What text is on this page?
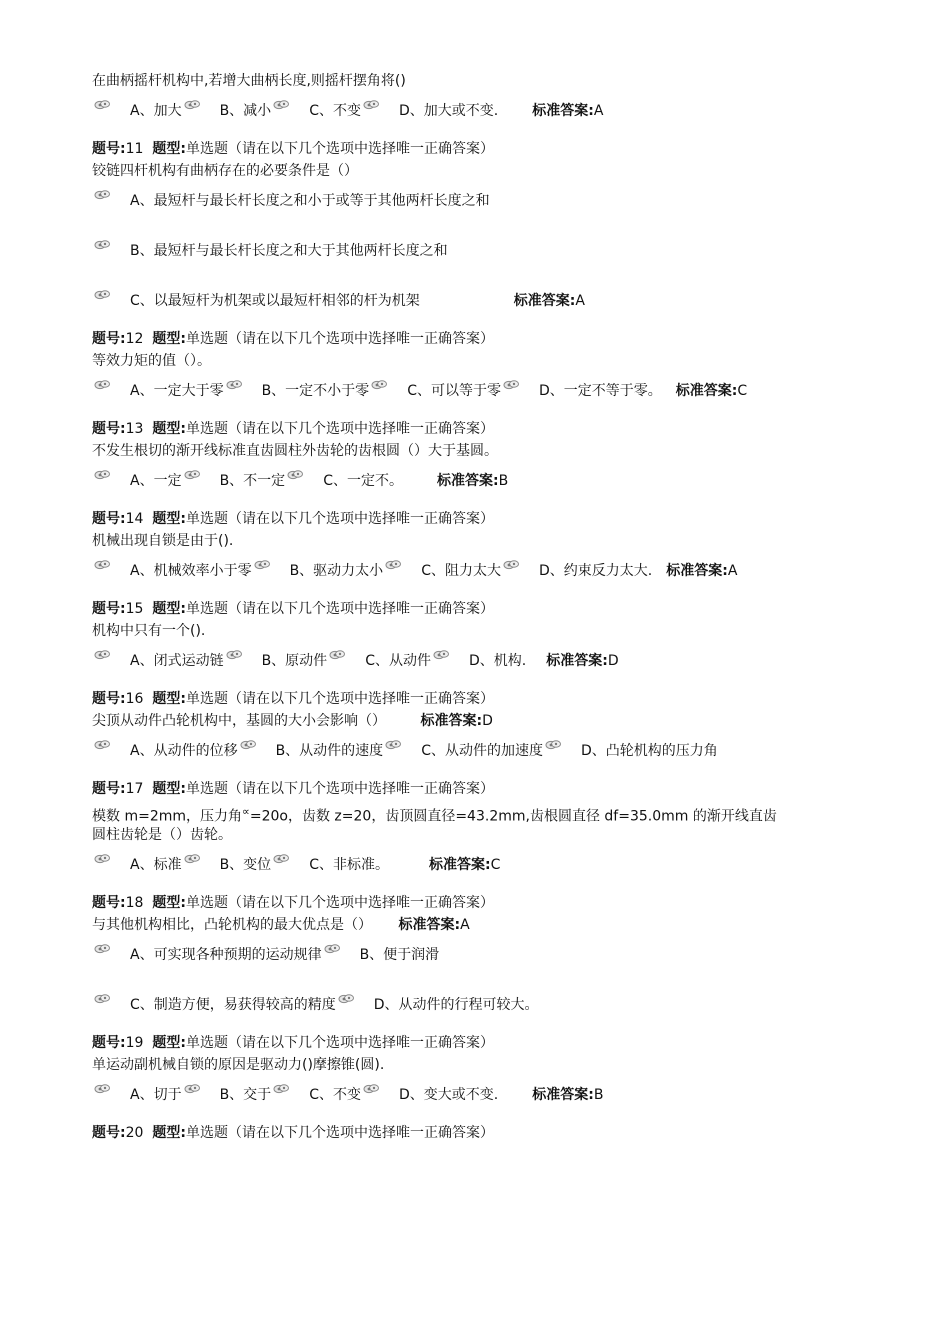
在曲柄摇杆机构中,若增大曲柄长度,则摇杆摆角将()
A、加大	B、减小	C、不变	D、加大或不变. 标准答案: A
题号:11 题型:单选题（请在以下几个选项中选择唯一正确答案）
铰链四杆机构有曲柄存在的必要条件是（）
A、最短杆与最长杆长度之和小于或等于其他两杆长度之和
B、最短杆与最长杆长度之和大于其他两杆长度之和
C、以最短杆为机架或以最短杆相邻的杆为机架	标准答案: A
题号:12 题型:单选题（请在以下几个选项中选择唯一正确答案）
等效力矩的值（）。
A、一定大于零	B、一定不小于零	C、可以等于零	D、一定不等于零。 标准答案: C
题号:13 题型:单选题（请在以下几个选项中选择唯一正确答案）
不发生根切的渐开线标准直齿圆柱外齿轮的齿根圆（）大于基圆。
A、一定	B、不一定	C、一定不。 标准答案: B
题号:14 题型:单选题（请在以下几个选项中选择唯一正确答案）
机械出现自锁是由于().
A、机械效率小于零	B、驱动力太小	C、阻力太大	D、约束反力太大. 标准答案: A
题号:15 题型:单选题（请在以下几个选项中选择唯一正确答案）
机构中只有一个().
A、闭式运动链	B、原动件	C、从动件	D、机构. 标准答案: D
题号:16 题型:单选题（请在以下几个选项中选择唯一正确答案）
尖顶从动件凸轮机构中，基圆的大小会影响（） 标准答案:D
A、从动件的位移	B、从动件的速度	C、从动件的加速度	D、凸轮机构的压力角
题号:17 题型:单选题（请在以下几个选项中选择唯一正确答案）
模数 m=2mm，压力角∝=20o，齿数 z=20，齿顶圆直径=43.2mm,齿根圆直径 df=35.0mm 的渐开线直齿
圆柱齿轮是（）齿轮。
A、标准	B、变位	C、非标准。	标准答案: C
题号:18 题型:单选题（请在以下几个选项中选择唯一正确答案）
与其他机构相比，凸轮机构的最大优点是（） 标准答案:A
A、可实现各种预期的运动规律	B、便于润滑
C、制造方便，易获得较高的精度	D、从动件的行程可较大。
题号:19 题型:单选题（请在以下几个选项中选择唯一正确答案）
单运动副机械自锁的原因是驱动力()摩擦锥(圆).
A、切于	B、交于	C、不变	D、变大或不变. 标准答案: B
题号:20 题型:单选题（请在以下几个选项中选择唯一正确答案）
